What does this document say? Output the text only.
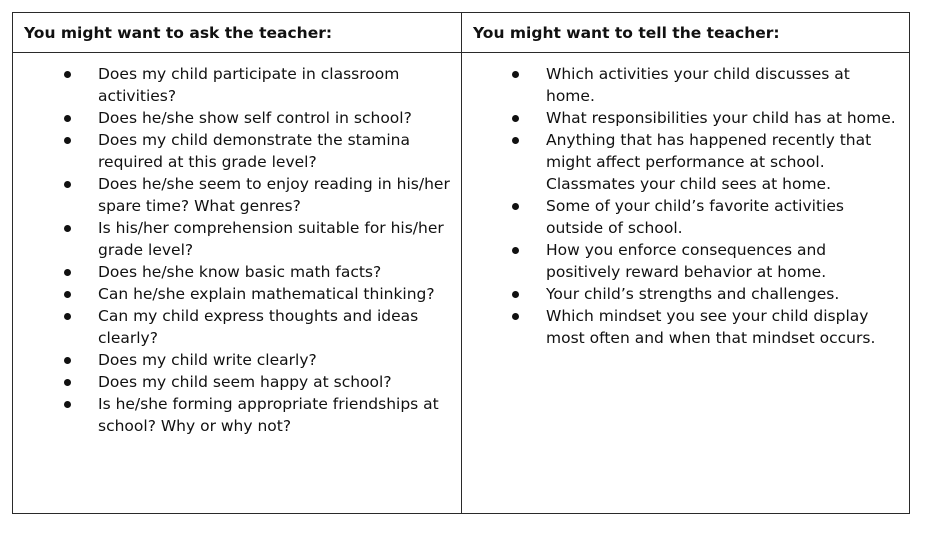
You might want to ask the teacher:	You might want to tell the teacher:
Does my child participate in classroom activities?
Does he/she show self control in school?
Does my child demonstrate the stamina required at this grade level?
Does he/she seem to enjoy reading in his/her spare time? What genres?
Is his/her comprehension suitable for his/her grade level?
Does he/she know basic math facts?
Can he/she explain mathematical thinking?
Can my child express thoughts and ideas clearly?
Does my child write clearly?
Does my child seem happy at school?
Is he/she forming appropriate friendships at school? Why or why not?
Which activities your child discusses at home.
What responsibilities your child has at home.
Anything that has happened recently that might affect performance at school. Classmates your child sees at home.
Some of your child’s favorite activities outside of school.
How you enforce consequences and positively reward behavior at home.
Your child’s strengths and challenges.
Which mindset you see your child display most often and when that mindset occurs.
